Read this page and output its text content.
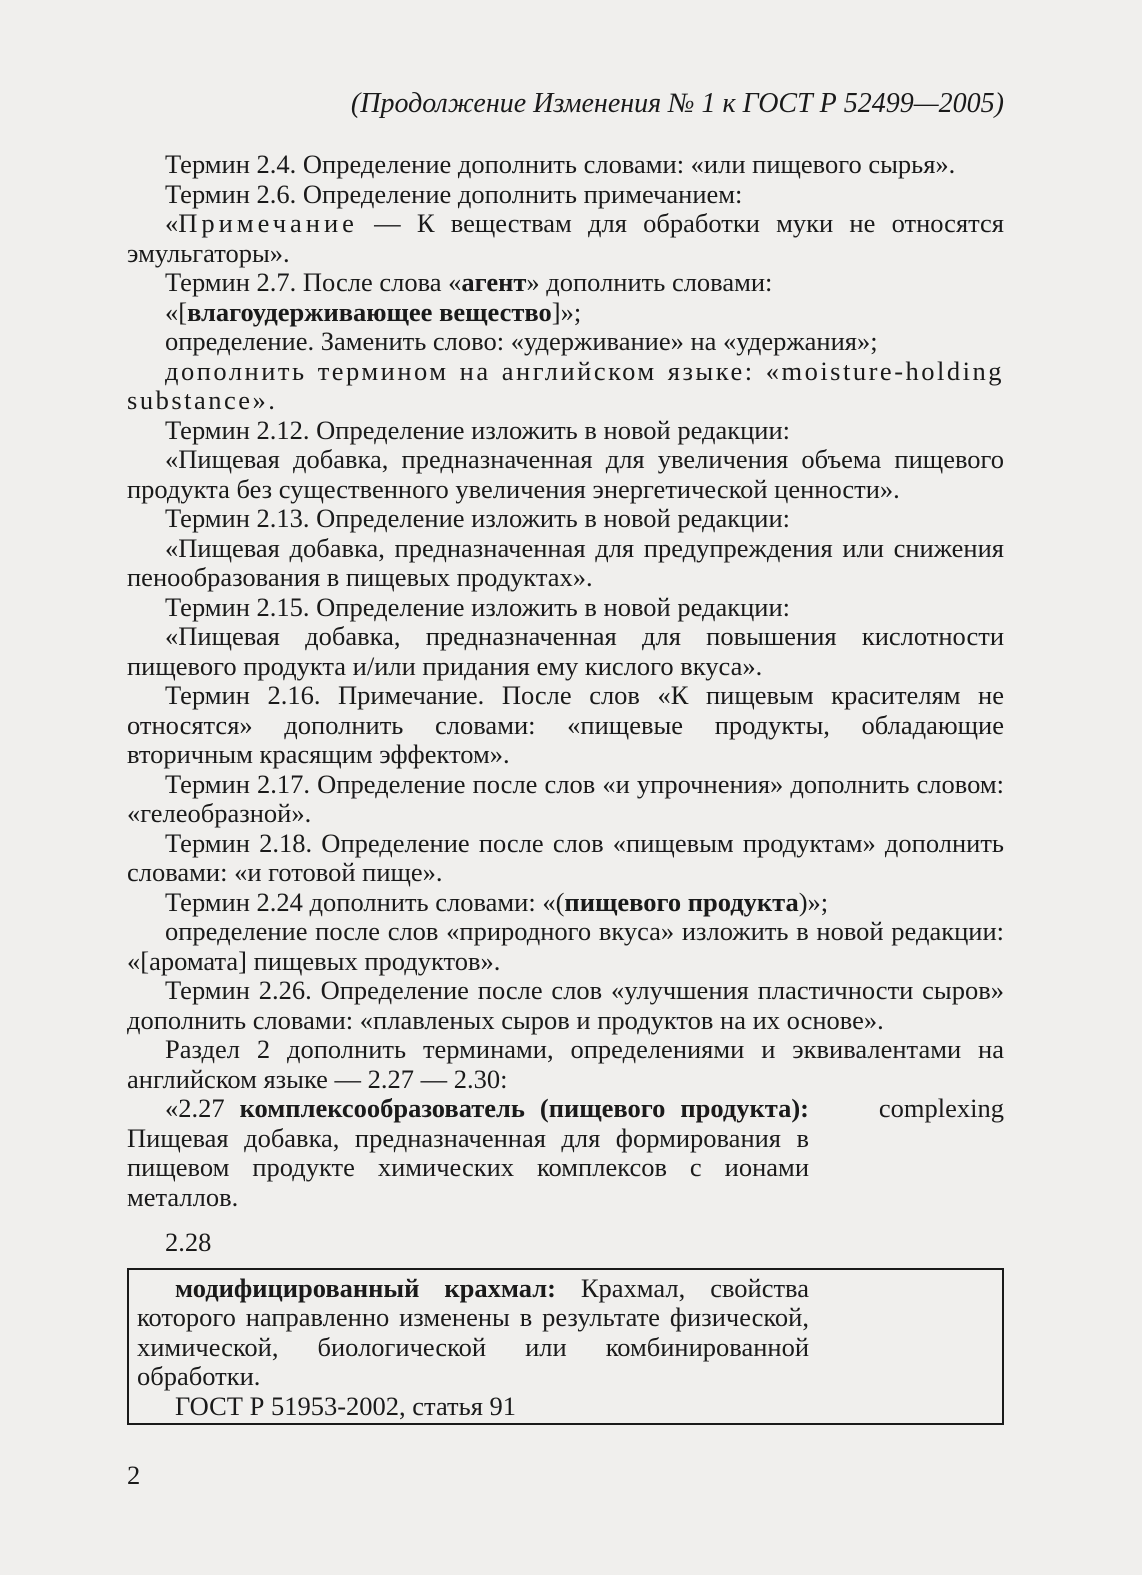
(Продолжение Изменения № 1 к ГОСТ Р 52499—2005)

Термин 2.4. Определение дополнить словами: «или пищевого сырья».

Термин 2.6. Определение дополнить примечанием:

«Примечание — К веществам для обработки муки не относятся эмульгаторы».

Термин 2.7. После слова «агент» дополнить словами:

«[влагоудерживающее вещество]»;

определение. Заменить слово: «удерживание» на «удержания»;

дополнить термином на английском языке: «moisture-holding substance».

Термин 2.12. Определение изложить в новой редакции:

«Пищевая добавка, предназначенная для увеличения объема пищевого продукта без существенного увеличения энергетической ценности».

Термин 2.13. Определение изложить в новой редакции:

«Пищевая добавка, предназначенная для предупреждения или снижения пенообразования в пищевых продуктах».

Термин 2.15. Определение изложить в новой редакции:

«Пищевая добавка, предназначенная для повышения кислотности пищевого продукта и/или придания ему кислого вкуса».

Термин 2.16. Примечание. После слов «К пищевым красителям не относятся» дополнить словами: «пищевые продукты, обладающие вторичным красящим эффектом».

Термин 2.17. Определение после слов «и упрочнения» дополнить словом: «гелеобразной».

Термин 2.18. Определение после слов «пищевым продуктам» дополнить словами: «и готовой пище».

Термин 2.24 дополнить словами: «(пищевого продукта)»;

определение после слов «природного вкуса» изложить в новой редакции: «[аромата] пищевых продуктов».

Термин 2.26. Определение после слов «улучшения пластичности сыров» дополнить словами: «плавленых сыров и продуктов на их основе».

Раздел 2 дополнить терминами, определениями и эквивалентами на английском языке — 2.27 — 2.30:

«2.27 комплексообразователь (пищевого продукта): Пищевая добавка, предназначенная для формирования в пищевом продукте химических комплексов с ионами металлов.
complexing
2.28
модифицированный крахмал: Крахмал, свойства которого направленно изменены в результате физической, химической, биологической или комбинированной обработки.
ГОСТ Р 51953-2002, статья 91
2
